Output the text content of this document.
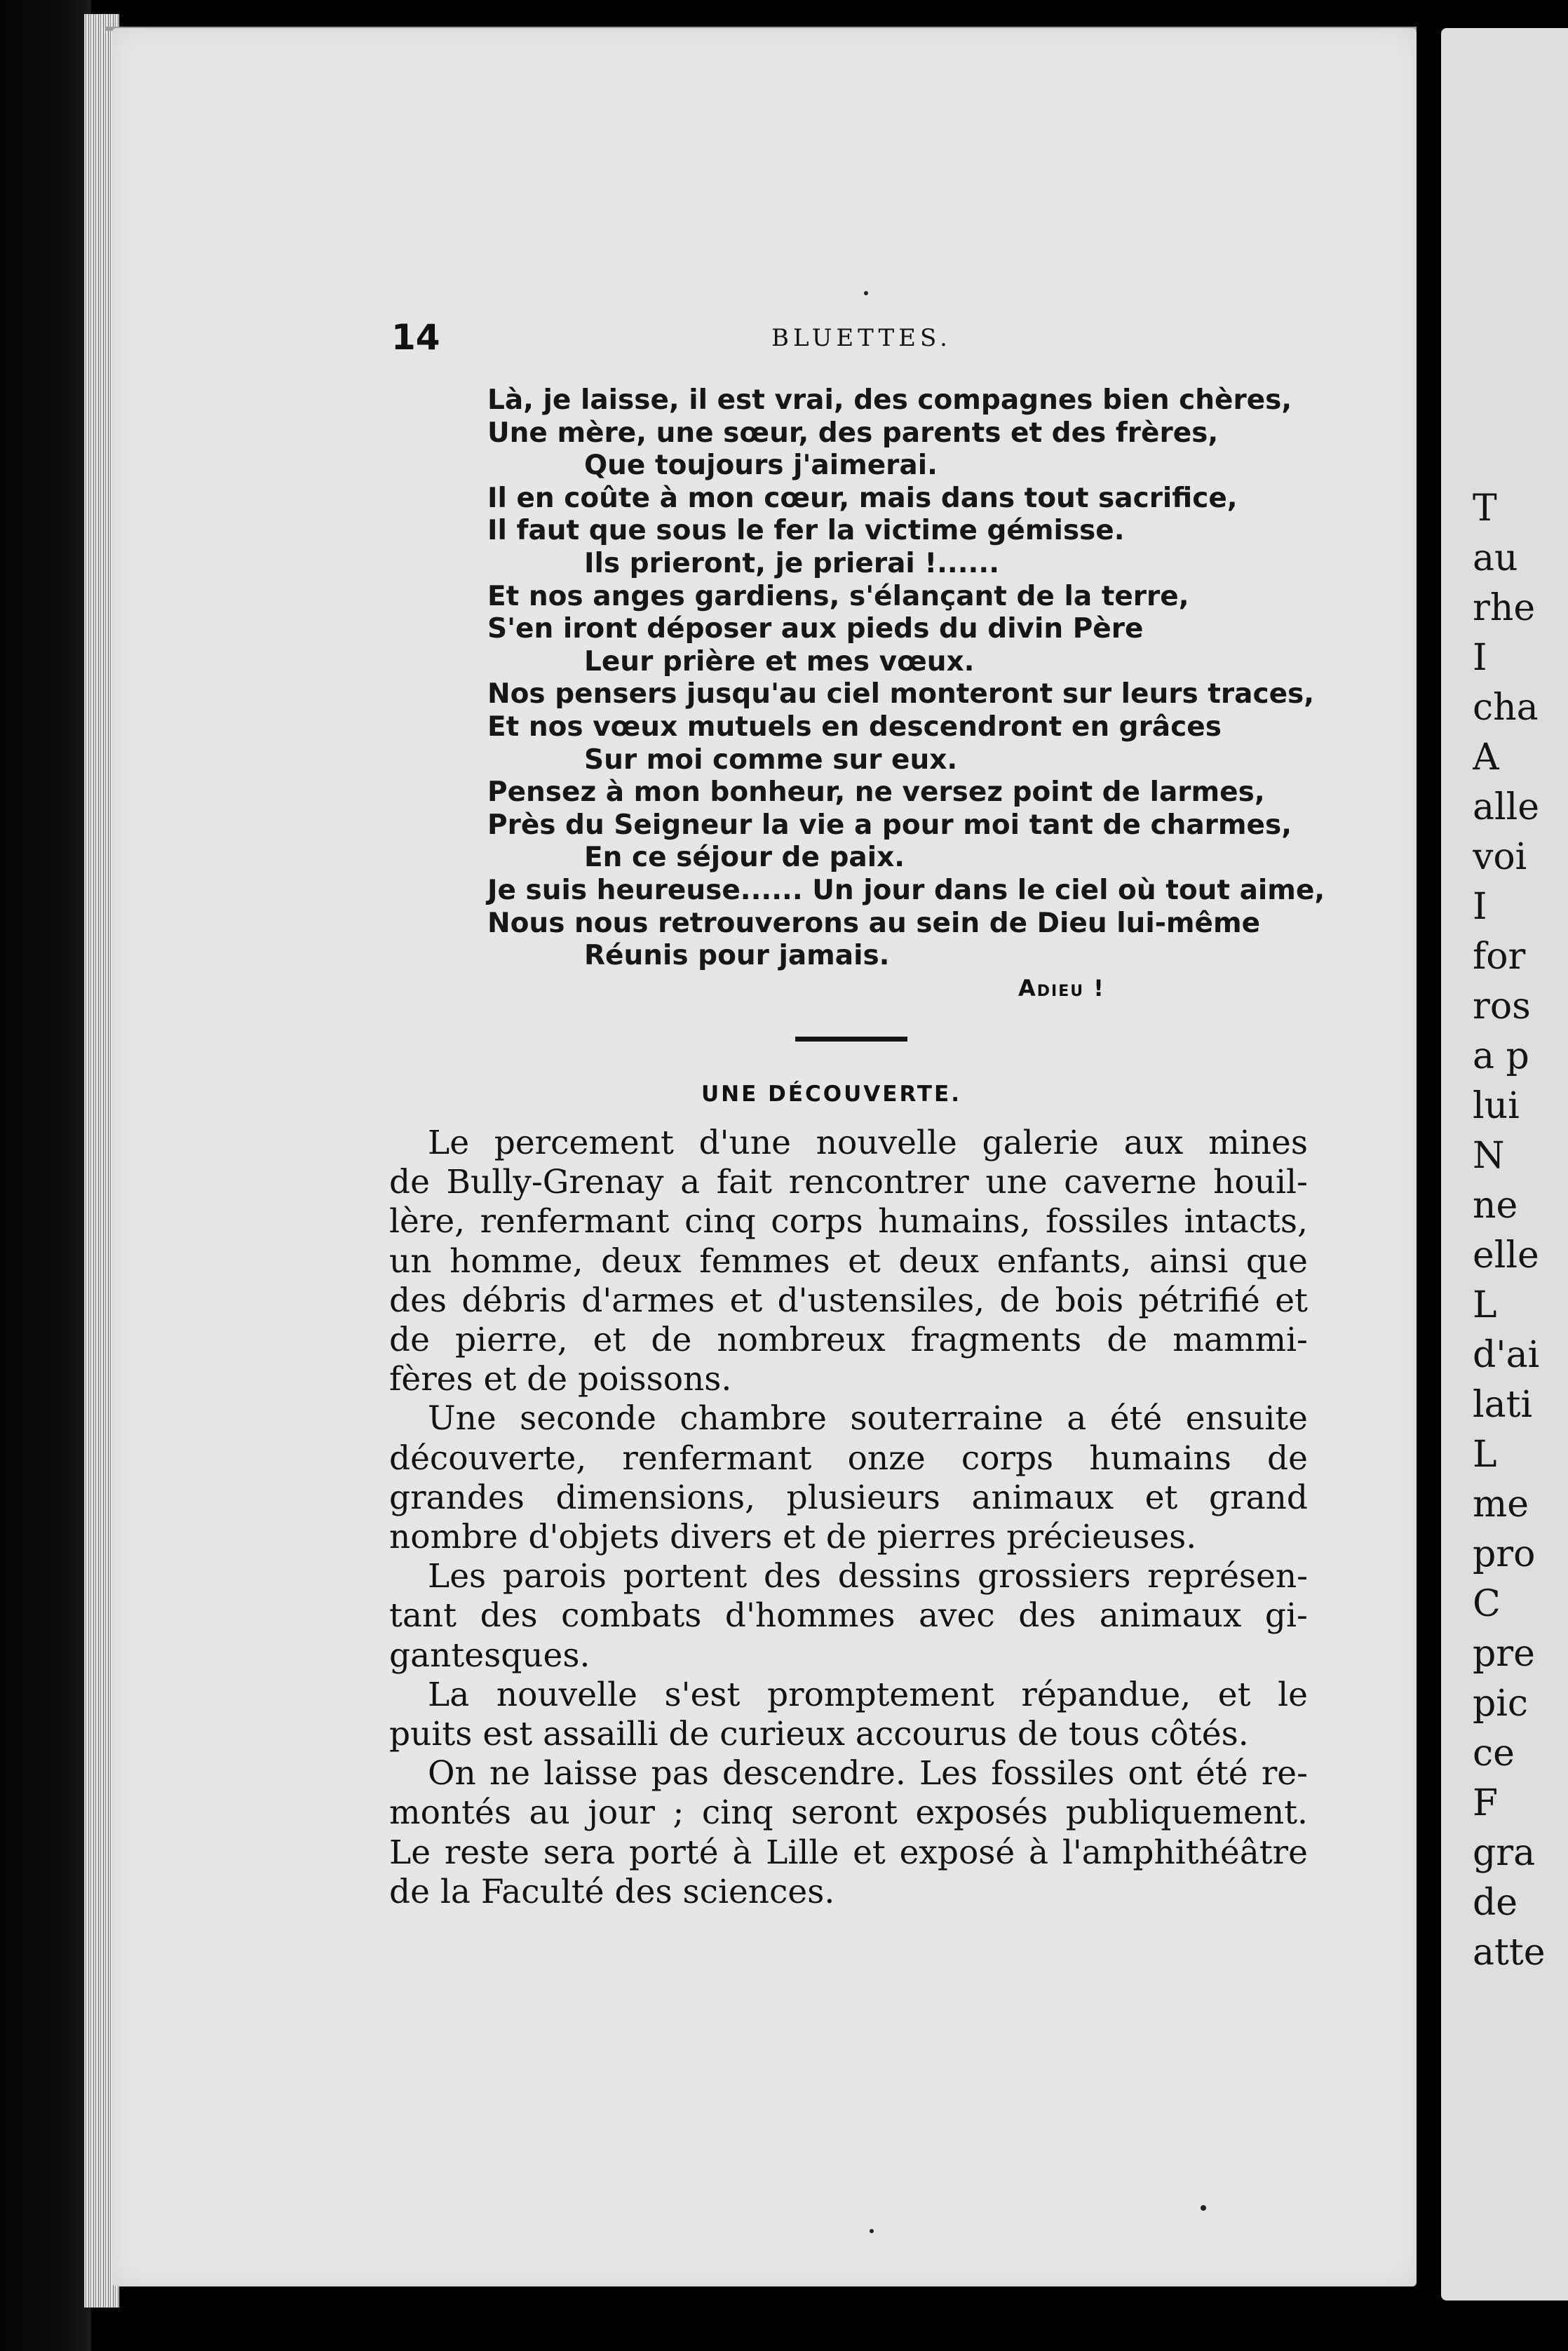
T
au
rhe
I
cha
A
alle
voi
I
for
ros
a p
lui
N
ne
elle
L
d'ai
lati
L
me
pro
C
pre
pic
ce
F
gra
de
atte
14	BLUETTES.
Là, je laisse, il est vrai, des compagnes bien chères,
Une mère, une sœur, des parents et des frères,
Que toujours j'aimerai.
Il en coûte à mon cœur, mais dans tout sacrifice,
Il faut que sous le fer la victime gémisse.
Ils prieront, je prierai !......
Et nos anges gardiens, s'élançant de la terre,
S'en iront déposer aux pieds du divin Père
Leur prière et mes vœux.
Nos pensers jusqu'au ciel monteront sur leurs traces,
Et nos vœux mutuels en descendront en grâces
Sur moi comme sur eux.
Pensez à mon bonheur, ne versez point de larmes,
Près du Seigneur la vie a pour moi tant de charmes,
En ce séjour de paix.
Je suis heureuse...... Un jour dans le ciel où tout aime,
Nous nous retrouverons au sein de Dieu lui-même
Réunis pour jamais.
Adieu !
UNE DÉCOUVERTE.
Le percement d'une nouvelle galerie aux mines
de Bully-Grenay a fait rencontrer une caverne houil-
lère, renfermant cinq corps humains, fossiles intacts,
un homme, deux femmes et deux enfants, ainsi que
des débris d'armes et d'ustensiles, de bois pétrifié et
de pierre, et de nombreux fragments de mammi-
fères et de poissons.
Une seconde chambre souterraine a été ensuite
découverte, renfermant onze corps humains de
grandes dimensions, plusieurs animaux et grand
nombre d'objets divers et de pierres précieuses.
Les parois portent des dessins grossiers représen-
tant des combats d'hommes avec des animaux gi-
gantesques.
La nouvelle s'est promptement répandue, et le
puits est assailli de curieux accourus de tous côtés.
On ne laisse pas descendre. Les fossiles ont été re-
montés au jour ; cinq seront exposés publiquement.
Le reste sera porté à Lille et exposé à l'amphithéâtre
de la Faculté des sciences.
